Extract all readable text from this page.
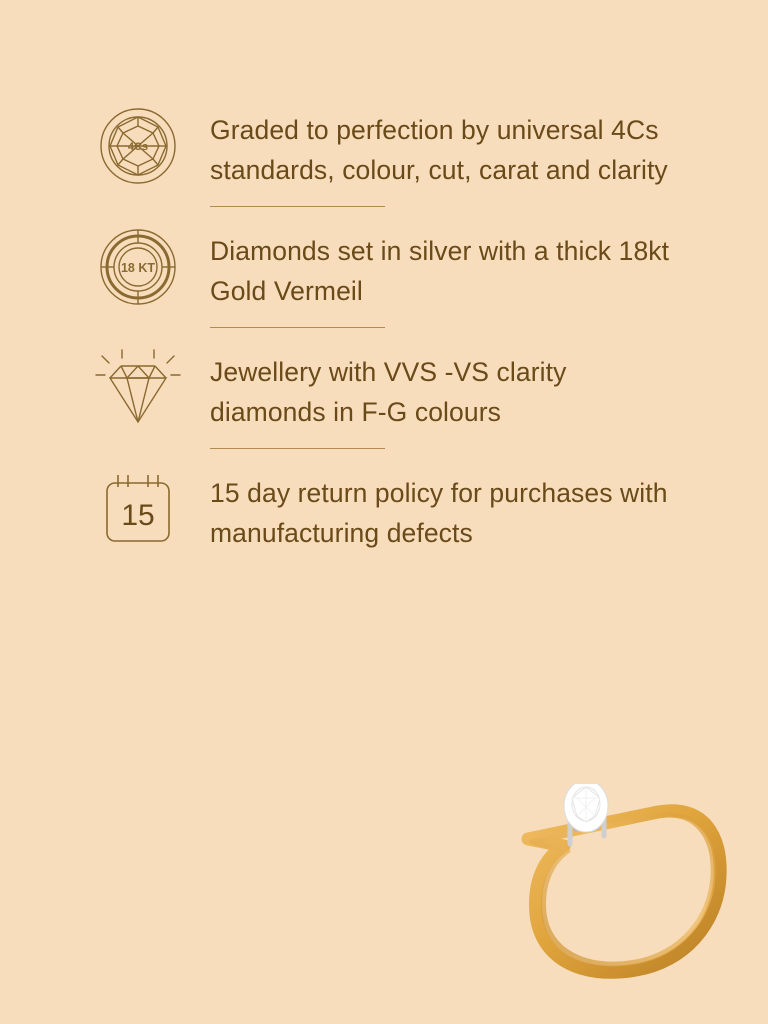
4Cs
Graded to perfection by universal 4Cs standards, colour, cut, carat and clarity
18 KT
Diamonds set in silver with a thick 18kt Gold Vermeil
Jewellery with VVS -VS clarity diamonds in F-G colours
15
15 day return policy for purchases with manufacturing defects
